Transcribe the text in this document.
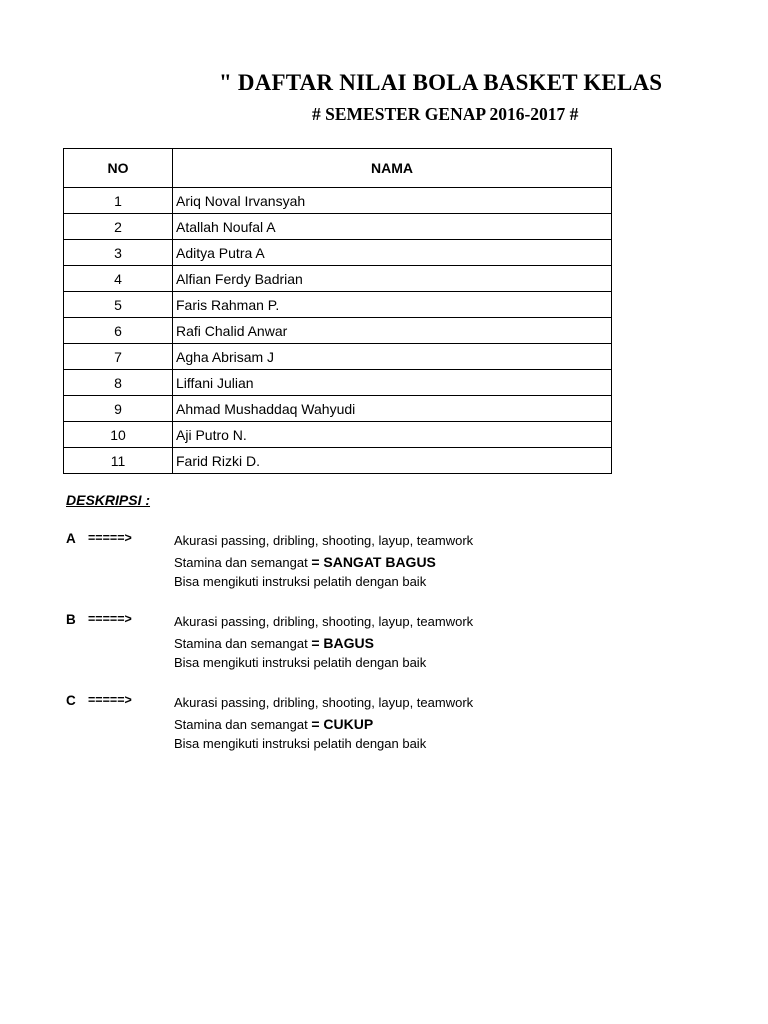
" DAFTAR NILAI BOLA BASKET KELAS
# SEMESTER GENAP 2016-2017 #
NO	NAMA
1	Ariq Noval Irvansyah
2	Atallah Noufal A
3	Aditya Putra A
4	Alfian Ferdy Badrian
5	Faris Rahman P.
6	Rafi Chalid Anwar
7	Agha Abrisam J
8	Liffani Julian
9	Ahmad Mushaddaq Wahyudi
10	Aji Putro N.
11	Farid Rizki D.
DESKRIPSI :
A =====>	Akurasi passing, dribling, shooting, layup, teamwork
Stamina dan semangat = SANGAT BAGUS
Bisa mengikuti instruksi pelatih dengan baik
B =====>	Akurasi passing, dribling, shooting, layup, teamwork
Stamina dan semangat = BAGUS
Bisa mengikuti instruksi pelatih dengan baik
C =====>	Akurasi passing, dribling, shooting, layup, teamwork
Stamina dan semangat = CUKUP
Bisa mengikuti instruksi pelatih dengan baik
